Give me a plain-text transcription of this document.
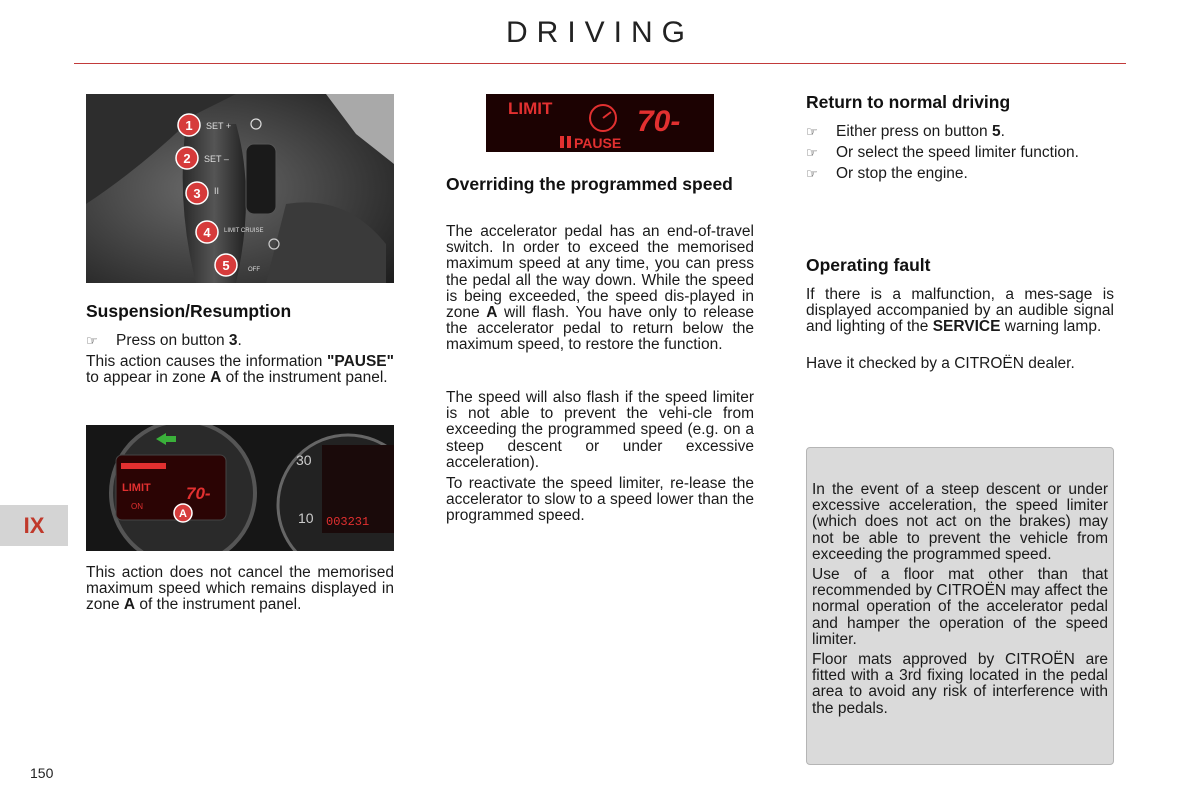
DRIVING
1
2
3
4
5
SET +
SET –
II
LIMIT CRUISE
OFF
LIMIT	70-
PAUSE
LIMIT 70-
ON
A
003231
30
10
Suspension/Resumption
☞ Press on button 3.
This action causes the information "PAUSE" to appear in zone A of the instrument panel.
This action does not cancel the memorised maximum speed which remains displayed in zone A of the instrument panel.
Overriding the programmed speed
The accelerator pedal has an end-of-travel switch. In order to exceed the memorised maximum speed at any time, you can press the pedal all the way down. While the speed is being exceeded, the speed dis-played in zone A will flash. You have only to release the accelerator pedal to return below the maximum speed, to restore the function.
The speed will also flash if the speed limiter is not able to prevent the vehi-cle from exceeding the programmed speed (e.g. on a steep descent or under excessive acceleration).
To reactivate the speed limiter, re-lease the accelerator to slow to a speed lower than the programmed speed.
Return to normal driving
☞ Either press on button 5.
☞ Or select the speed limiter function.
☞ Or stop the engine.
Operating fault
If there is a malfunction, a mes-sage is displayed accompanied by an audible signal and lighting of the SERVICE warning lamp.
Have it checked by a CITROËN dealer.
In the event of a steep descent or under excessive acceleration, the speed limiter (which does not act on the brakes) may not be able to prevent the vehicle from exceeding the programmed speed.
Use of a floor mat other than that recommended by CITROËN may affect the normal operation of the accelerator pedal and hamper the operation of the speed limiter.
Floor mats approved by CITROËN are fitted with a 3rd fixing located in the pedal area to avoid any risk of interference with the pedals.
IX
150
